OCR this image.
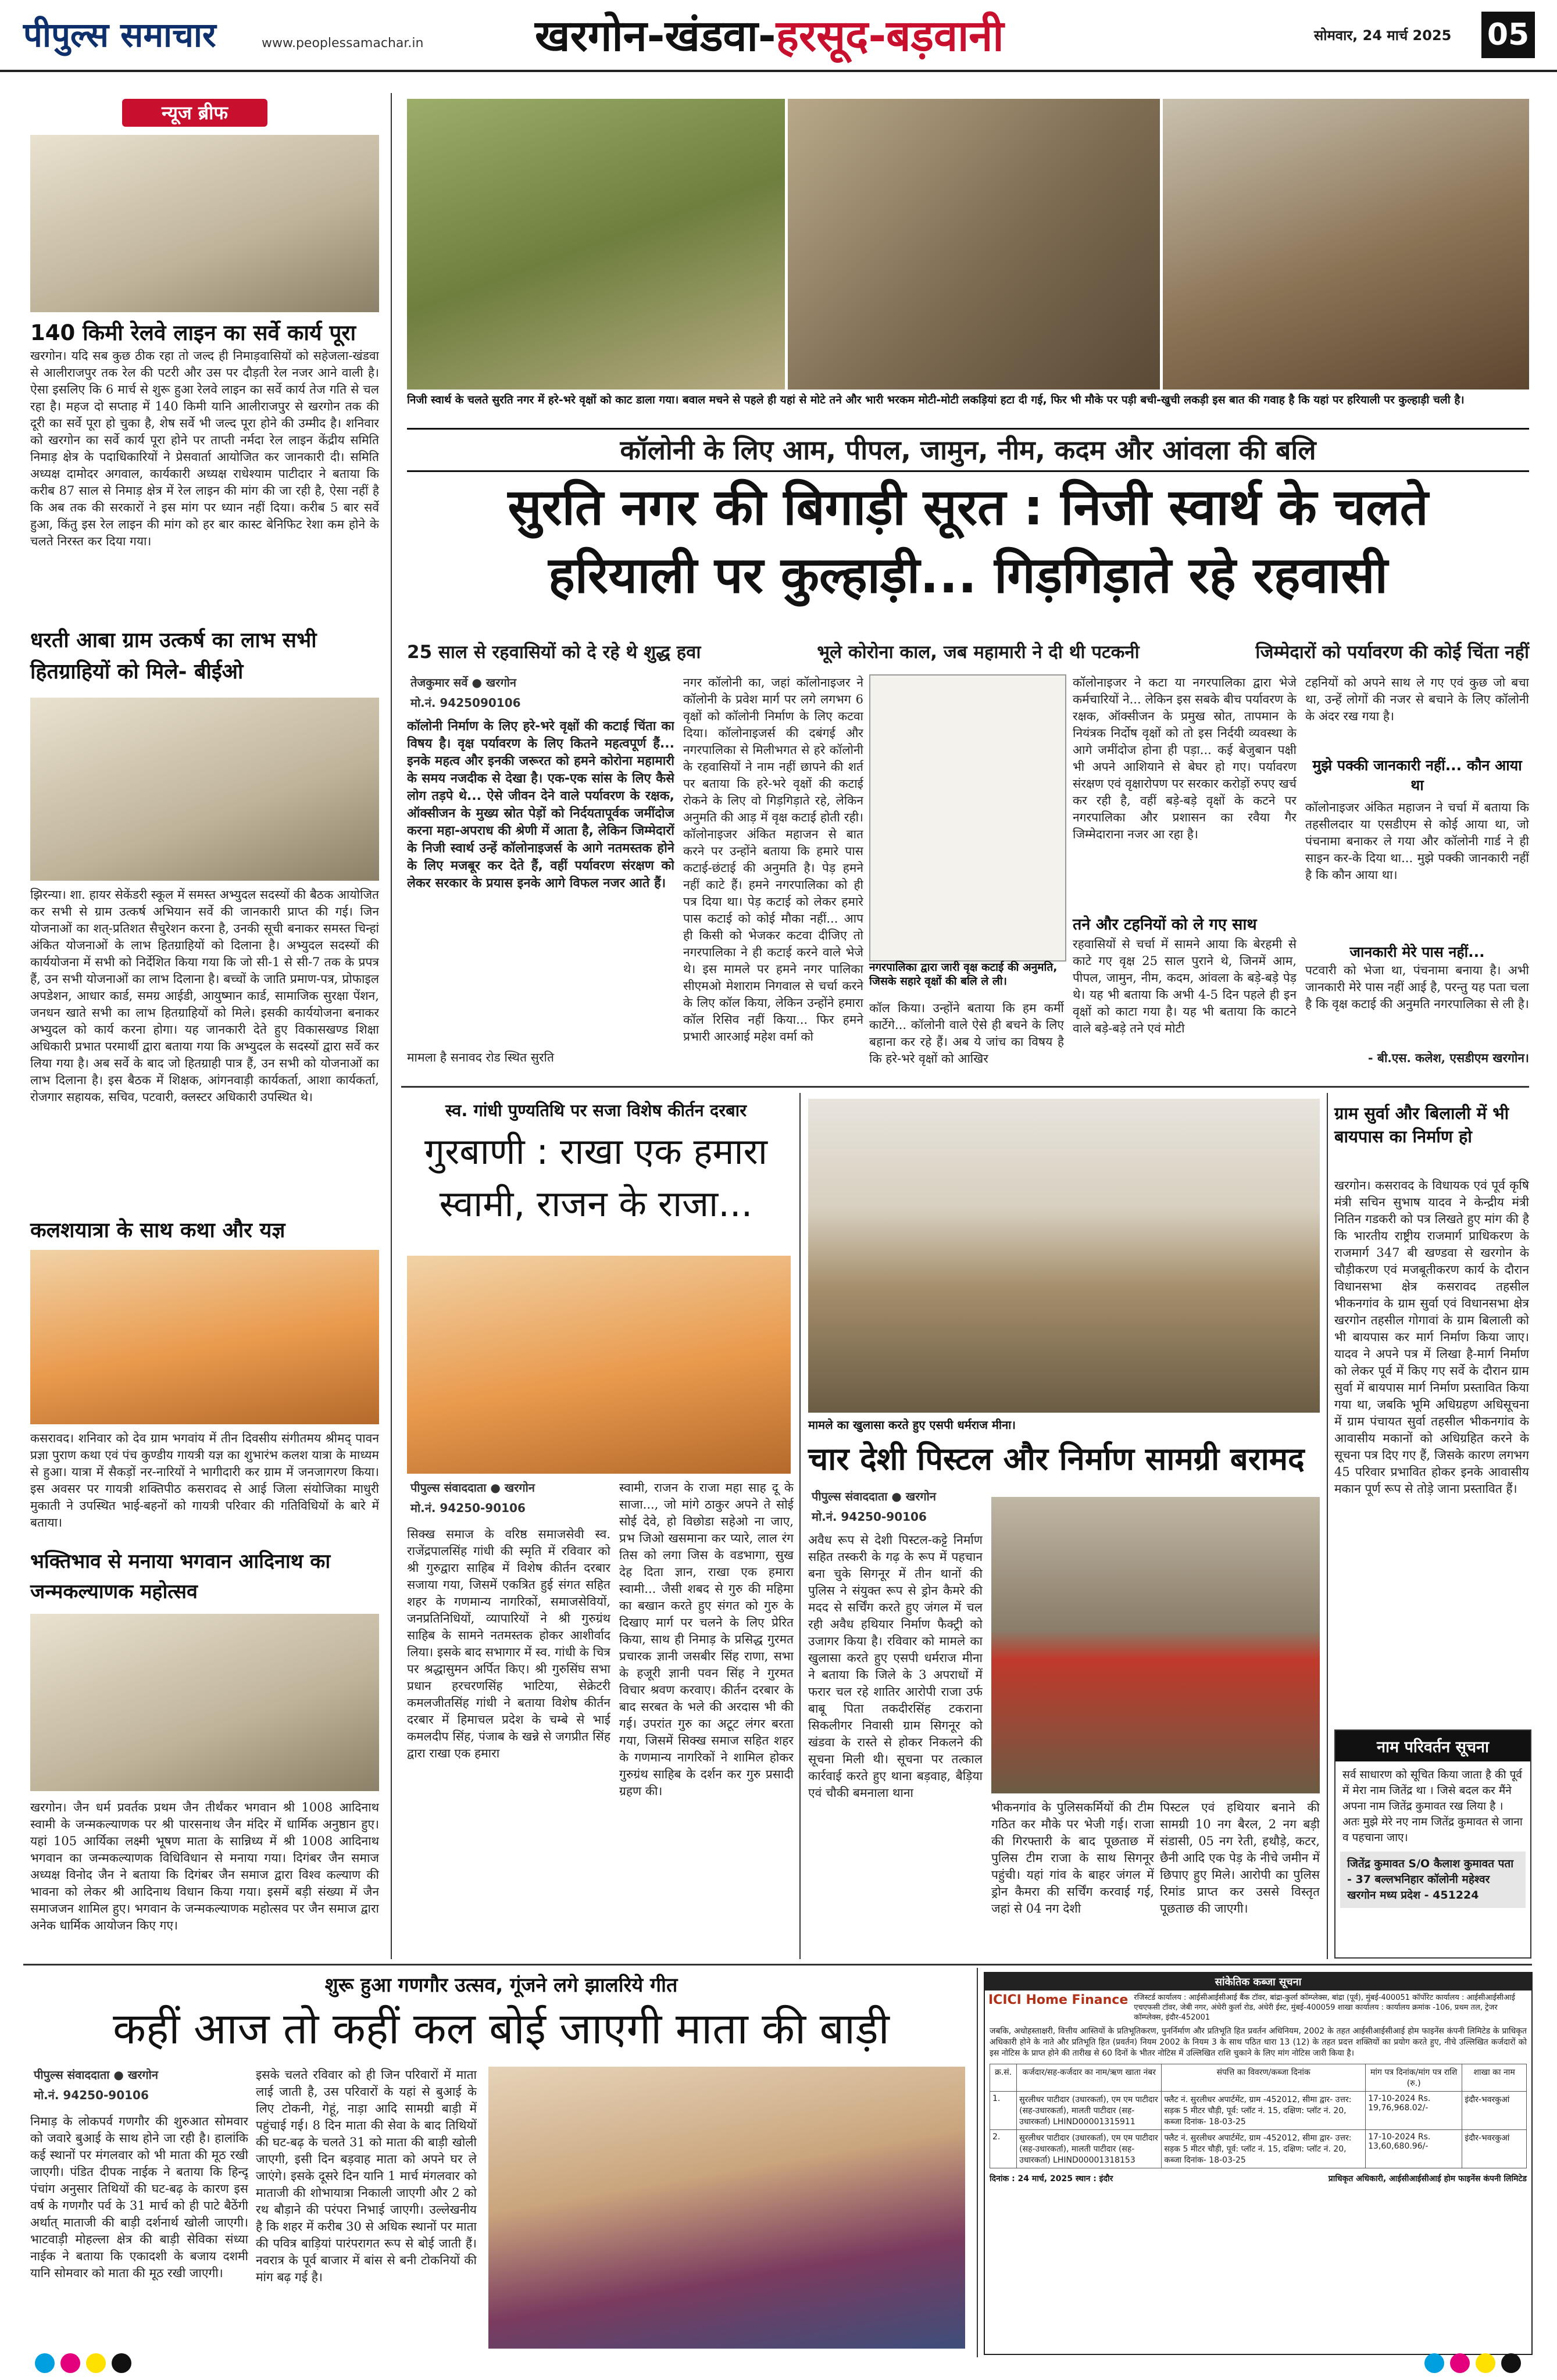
पीपुल्स समाचार	www.peoplessamachar.in	खरगोन-खंडवा-हरसूद-बड़वानी	सोमवार, 24 मार्च 2025 05
न्यूज ब्रीफ
140 किमी रेलवे लाइन का सर्वे कार्य पूरा
खरगोन। यदि सब कुछ ठीक रहा तो जल्द ही निमाड़वासियों को सहेजला-खंडवा से आलीराजपुर तक रेल की पटरी और उस पर दौड़ती रेल नजर आने वाली है। ऐसा इसलिए कि 6 मार्च से शुरू हुआ रेलवे लाइन का सर्वे कार्य तेज गति से चल रहा है। महज दो सप्ताह में 140 किमी यानि आलीराजपुर से खरगोन तक की दूरी का सर्वे पूरा हो चुका है, शेष सर्वे भी जल्द पूरा होने की उम्मीद है। शनिवार को खरगोन का सर्वे कार्य पूरा होने पर ताप्ती नर्मदा रेल लाइन केंद्रीय समिति निमाड़ क्षेत्र के पदाधिकारियों ने प्रेसवार्ता आयोजित कर जानकारी दी। समिति अध्यक्ष दामोदर अगवाल, कार्यकारी अध्यक्ष राधेश्याम पाटीदार ने बताया कि करीब 87 साल से निमाड़ क्षेत्र में रेल लाइन की मांग की जा रही है, ऐसा नहीं है कि अब तक की सरकारों ने इस मांग पर ध्यान नहीं दिया। करीब 5 बार सर्वे हुआ, किंतु इस रेल लाइन की मांग को हर बार कास्ट बेनिफिट रेशा कम होने के चलते निरस्त कर दिया गया।
धरती आबा ग्राम उत्कर्ष का लाभ सभी हितग्राहियों को मिले- बीईओ
झिरन्या। शा. हायर सेकेंडरी स्कूल में समस्त अभ्युदल सदस्यों की बैठक आयोजित कर सभी से ग्राम उत्कर्ष अभियान सर्वे की जानकारी प्राप्त की गई। जिन योजनाओं का शत्-प्रतिशत सैचुरेशन करना है, उनकी सूची बनाकर समस्त चिन्हां अंकित योजनाओं के लाभ हितग्राहियों को दिलाना है। अभ्युदल सदस्यों की कार्ययोजना में सभी को निर्देशित किया गया कि जो सी-1 से सी-7 तक के प्रपत्र हैं, उन सभी योजनाओं का लाभ दिलाना है। बच्चों के जाति प्रमाण-पत्र, प्रोफाइल अपडेशन, आधार कार्ड, समग्र आईडी, आयुष्मान कार्ड, सामाजिक सुरक्षा पेंशन, जनधन खाते सभी का लाभ हितग्राहियों को मिले। इसकी कार्ययोजना बनाकर अभ्युदल को कार्य करना होगा। यह जानकारी देते हुए विकासखण्ड शिक्षा अधिकारी प्रभात परमार्थी द्वारा बताया गया कि अभ्युदल के सदस्यों द्वारा सर्वे कर लिया गया है। अब सर्वे के बाद जो हितग्राही पात्र हैं, उन सभी को योजनाओं का लाभ दिलाना है। इस बैठक में शिक्षक, आंगनवाड़ी कार्यकर्ता, आशा कार्यकर्ता, रोजगार सहायक, सचिव, पटवारी, क्लस्टर अधिकारी उपस्थित थे।
कलशयात्रा के साथ कथा और यज्ञ
कसरावद। शनिवार को देव ग्राम भगवांय में तीन दिवसीय संगीतमय श्रीमद् पावन प्रज्ञा पुराण कथा एवं पंच कुण्डीय गायत्री यज्ञ का शुभारंभ कलश यात्रा के माध्यम से हुआ। यात्रा में सैकड़ों नर-नारियों ने भागीदारी कर ग्राम में जनजागरण किया। इस अवसर पर गायत्री शक्तिपीठ कसरावद से आई जिला संयोजिका माधुरी मुकाती ने उपस्थित भाई-बहनों को गायत्री परिवार की गतिविधियों के बारे में बताया।
भक्तिभाव से मनाया भगवान आदिनाथ का जन्मकल्याणक महोत्सव
खरगोन। जैन धर्म प्रवर्तक प्रथम जैन तीर्थंकर भगवान श्री 1008 आदिनाथ स्वामी के जन्मकल्याणक पर श्री पारसनाथ जैन मंदिर में धार्मिक अनुष्ठान हुए। यहां 105 आर्यिका लक्ष्मी भूषण माता के सान्निध्य में श्री 1008 आदिनाथ भगवान का जन्मकल्याणक विधिविधान से मनाया गया। दिगंबर जैन समाज अध्यक्ष विनोद जैन ने बताया कि दिगंबर जैन समाज द्वारा विश्व कल्याण की भावना को लेकर श्री आदिनाथ विधान किया गया। इसमें बड़ी संख्या में जैन समाजजन शामिल हुए। भगवान के जन्मकल्याणक महोत्सव पर जैन समाज द्वारा अनेक धार्मिक आयोजन किए गए।
निजी स्वार्थ के चलते सुरति नगर में हरे-भरे वृक्षों को काट डाला गया। बवाल मचने से पहले ही यहां से मोटे तने और भारी भरकम मोटी-मोटी लकड़ियां हटा दी गई, फिर भी मौके पर पड़ी बची-खुची लकड़ी इस बात की गवाह है कि यहां पर हरियाली पर कुल्हाड़ी चली है।
कॉलोनी के लिए आम, पीपल, जामुन, नीम, कदम और आंवला की बलि
सुरति नगर की बिगाड़ी सूरत : निजी स्वार्थ के चलते
हरियाली पर कुल्हाड़ी... गिड़गिड़ाते रहे रहवासी
25 साल से रहवासियों को दे रहे थे शुद्ध हवा	भूले कोरोना काल, जब महामारी ने दी थी पटकनी	जिम्मेदारों को पर्यावरण की कोई चिंता नहीं
तेजकुमार सर्वे ● खरगोन
मो.नं. 9425090106
कॉलोनी निर्माण के लिए हरे-भरे वृक्षों की कटाई चिंता का विषय है। वृक्ष पर्यावरण के लिए कितने महत्वपूर्ण हैं... इनके महत्व और इनकी जरूरत को हमने कोरोना महामारी के समय नजदीक से देखा है। एक-एक सांस के लिए कैसे लोग तड़पे थे... ऐसे जीवन देने वाले पर्यावरण के रक्षक, ऑक्सीजन के मुख्य स्रोत पेड़ों को निर्दयतापूर्वक जमींदोज करना महा-अपराध की श्रेणी में आता है, लेकिन जिम्मेदारों के निजी स्वार्थ उन्हें कॉलोनाइजर्स के आगे नतमस्तक होने के लिए मजबूर कर देते हैं, वहीं पर्यावरण संरक्षण को लेकर सरकार के प्रयास इनके आगे विफल नजर आते हैं।
मामला है सनावद रोड स्थित सुरति
नगर कॉलोनी का, जहां कॉलोनाइजर ने कॉलोनी के प्रवेश मार्ग पर लगे लगभग 6 वृक्षों को कॉलोनी निर्माण के लिए कटवा दिया। कॉलोनाइजर्स की दबंगई और नगरपालिका से मिलीभगत से हरे कॉलोनी के रहवासियों ने नाम नहीं छापने की शर्त पर बताया कि हरे-भरे वृक्षों की कटाई रोकने के लिए वो गिड़गिड़ाते रहे, लेकिन अनुमति की आड़ में वृक्ष कटाई होती रही। कॉलोनाइजर अंकित महाजन से बात करने पर उन्होंने बताया कि हमारे पास कटाई-छंटाई की अनुमति है। पेड़ हमने नहीं काटे हैं। हमने नगरपालिका को ही पत्र दिया था। पेड़ कटाई को लेकर हमारे पास कटाई को कोई मौका नहीं... आप ही किसी को भेजकर कटवा दीजिए तो नगरपालिका ने ही कटाई करने वाले भेजे थे। इस मामले पर हमने नगर पालिका सीएमओ मेशाराम निगवाल से चर्चा करने के लिए कॉल किया, लेकिन उन्होंने हमारा कॉल रिसिव नहीं किया... फिर हमने प्रभारी आरआई महेश वर्मा को
नगरपालिका द्वारा जारी वृक्ष कटाई की अनुमति, जिसके सहारे वृक्षों की बलि ले ली।
कॉल किया। उन्होंने बताया कि हम कर्मी कार्टेगे... कॉलोनी वाले ऐसे ही बचने के लिए बहाना कर रहे हैं। अब ये जांच का विषय है कि हरे-भरे वृक्षों को आखिर
कॉलोनाइजर ने कटा या नगरपालिका द्वारा भेजे कर्मचारियों ने... लेकिन इस सबके बीच पर्यावरण के रक्षक, ऑक्सीजन के प्रमुख स्रोत, तापमान के नियंत्रक निर्दोष वृक्षों को तो इस निर्दयी व्यवस्था के आगे जमींदोज होना ही पड़ा... कई बेजुबान पक्षी भी अपने आशियाने से बेघर हो गए। पर्यावरण संरक्षण एवं वृक्षारोपण पर सरकार करोड़ों रुपए खर्च कर रही है, वहीं बड़े-बड़े वृक्षों के कटने पर नगरपालिका और प्रशासन का रवैया गैर जिम्मेदाराना नजर आ रहा है।
तने और टहनियों को ले गए साथ
रहवासियों से चर्चा में सामने आया कि बेरहमी से काटे गए वृक्ष 25 साल पुराने थे, जिनमें आम, पीपल, जामुन, नीम, कदम, आंवला के बड़े-बड़े पेड़ थे। यह भी बताया कि अभी 4-5 दिन पहले ही इन वृक्षों को काटा गया है। यह भी बताया कि काटने वाले बड़े-बड़े तने एवं मोटी
टहनियों को अपने साथ ले गए एवं कुछ जो बचा था, उन्हें लोगों की नजर से बचाने के लिए कॉलोनी के अंदर रख गया है।
मुझे पक्की जानकारी नहीं... कौन आया था
कॉलोनाइजर अंकित महाजन ने चर्चा में बताया कि तहसीलदार या एसडीएम से कोई आया था, जो पंचनामा बनाकर ले गया और कॉलोनी गार्ड ने ही साइन कर-के दिया था... मुझे पक्की जानकारी नहीं है कि कौन आया था।
जानकारी मेरे पास नहीं...
पटवारी को भेजा था, पंचनामा बनाया है। अभी जानकारी मेरे पास नहीं आई है, परन्तु यह पता चला है कि वृक्ष कटाई की अनुमति नगरपालिका से ली है।
- बी.एस. कलेश, एसडीएम खरगोन।
स्व. गांधी पुण्यतिथि पर सजा विशेष कीर्तन दरबार
गुरबाणी : राखा एक हमारा
स्वामी, राजन के राजा...
पीपुल्स संवाददाता ● खरगोन
मो.नं. 94250-90106
सिक्ख समाज के वरिष्ठ समाजसेवी स्व. राजेंद्रपालसिंह गांधी की स्मृति में रविवार को श्री गुरुद्वारा साहिब में विशेष कीर्तन दरबार सजाया गया, जिसमें एकत्रित हुई संगत सहित शहर के गणमान्य नागरिकों, समाजसेवियों, जनप्रतिनिधियों, व्यापारियों ने श्री गुरुग्रंथ साहिब के सामने नतमस्तक होकर आशीर्वाद लिया। इसके बाद सभागार में स्व. गांधी के चित्र पर श्रद्धासुमन अर्पित किए। श्री गुरुसिंघ सभा प्रधान हरचरणसिंह भाटिया, सेक्रेटरी कमलजीतसिंह गांधी ने बताया विशेष कीर्तन दरबार में हिमाचल प्रदेश के चम्बे से भाई कमलदीप सिंह, पंजाब के खन्ने से जगप्रीत सिंह द्वारा राखा एक हमारा
स्वामी, राजन के राजा महा साह दू के साजा..., जो मांगे ठाकुर अपने ते सोई सोई देवे, हो विछोडा सहेओ ना जाए, प्रभ जिओ खसमाना कर प्यारे, लाल रंग तिस को लगा जिस के वडभागा, सुख देह दिता ज्ञान, राखा एक हमारा स्वामी... जैसी शबद से गुरु की महिमा का बखान करते हुए संगत को गुरु के दिखाए मार्ग पर चलने के लिए प्रेरित किया, साथ ही निमाड़ के प्रसिद्ध गुरमत प्रचारक ज्ञानी जसबीर सिंह राणा, सभा के हजूरी ज्ञानी पवन सिंह ने गुरमत विचार श्रवण करवाए। कीर्तन दरबार के बाद सरबत के भले की अरदास भी की गई। उपरांत गुरु का अटूट लंगर बरता गया, जिसमें सिक्ख समाज सहित शहर के गणमान्य नागरिकों ने शामिल होकर गुरुग्रंथ साहिब के दर्शन कर गुरु प्रसादी ग्रहण की।
मामले का खुलासा करते हुए एसपी धर्मराज मीना।
चार देशी पिस्टल और निर्माण सामग्री बरामद
पीपुल्स संवाददाता ● खरगोन
मो.नं. 94250-90106
अवैध रूप से देशी पिस्टल-कट्टे निर्माण सहित तस्करी के गढ़ के रूप में पहचान बना चुके सिगनूर में तीन थानों की पुलिस ने संयुक्त रूप से ड्रोन कैमरे की मदद से सर्चिंग करते हुए जंगल में चल रही अवैध हथियार निर्माण फैक्ट्री को उजागर किया है। रविवार को मामले का खुलासा करते हुए एसपी धर्मराज मीना ने बताया कि जिले के 3 अपराधों में फरार चल रहे शातिर आरोपी राजा उर्फ बाबू पिता तकदीरसिंह टकराना सिकलीगर निवासी ग्राम सिगनूर को खंडवा के रास्ते से होकर निकलने की सूचना मिली थी। सूचना पर तत्काल कार्रवाई करते हुए थाना बड़वाह, बैड़िया एवं चौकी बमनाला थाना
भीकनगांव के पुलिसकर्मियों की टीम गठित कर मौके पर भेजी गई। राजा की गिरफ्तारी के बाद पूछताछ में पुलिस टीम राजा के साथ सिगनूर पहुंची। यहां गांव के बाहर जंगल में ड्रोन कैमरा की सर्चिंग करवाई गई, जहां से 04 नग देशी
पिस्टल एवं हथियार बनाने की सामग्री 10 नग बैरल, 2 नग बड़ी संडासी, 05 नग रेती, हथौड़े, कटर, छैनी आदि एक पेड़ के नीचे जमीन में छिपाए हुए मिले। आरोपी का पुलिस रिमांड प्राप्त कर उससे विस्तृत पूछताछ की जाएगी।
ग्राम सुर्वा और बिलाली में भी बायपास का निर्माण हो
खरगोन। कसरावद के विधायक एवं पूर्व कृषि मंत्री सचिन सुभाष यादव ने केन्द्रीय मंत्री नितिन गडकरी को पत्र लिखते हुए मांग की है कि भारतीय राष्ट्रीय राजमार्ग प्राधिकरण के राजमार्ग 347 बी खण्डवा से खरगोन के चौड़ीकरण एवं मजबूतीकरण कार्य के दौरान विधानसभा क्षेत्र कसरावद तहसील भीकनगांव के ग्राम सुर्वा एवं विधानसभा क्षेत्र खरगोन तहसील गोगावां के ग्राम बिलाली को भी बायपास कर मार्ग निर्माण किया जाए। यादव ने अपने पत्र में लिखा है-मार्ग निर्माण को लेकर पूर्व में किए गए सर्वे के दौरान ग्राम सुर्वा में बायपास मार्ग निर्माण प्रस्तावित किया गया था, जबकि भूमि अधिग्रहण अधिसूचना में ग्राम पंचायत सुर्वा तहसील भीकनगांव के आवासीय मकानों को अधिग्रहित करने के सूचना पत्र दिए गए हैं, जिसके कारण लगभग 45 परिवार प्रभावित होकर इनके आवासीय मकान पूर्ण रूप से तोड़े जाना प्रस्तावित हैं।
नाम परिवर्तन सूचना
सर्व साधारण को सूचित किया जाता है की पूर्व में मेरा नाम जितेंद्र था । जिसे बदल कर मैंने अपना नाम जितेंद्र कुमावत रख लिया है । अतः मुझे मेरे नए नाम जितेंद्र कुमावत से जाना व पहचाना जाए।
जितेंद्र कुमावत S/O कैलाश कुमावत पता - 37 बल्लभनिहार कॉलोनी महेश्वर खरगोन मध्य प्रदेश - 451224
शुरू हुआ गणगौर उत्सव, गूंजने लगे झालरिये गीत
कहीं आज तो कहीं कल बोई जाएगी माता की बाड़ी
पीपुल्स संवाददाता ● खरगोन
मो.नं. 94250-90106
निमाड़ के लोकपर्व गणगौर की शुरुआत सोमवार को जवारे बुआई के साथ होने जा रही है। हालांकि कई स्थानों पर मंगलवार को भी माता की मूठ रखी जाएगी। पंडित दीपक नाईक ने बताया कि हिन्दू पंचांग अनुसार तिथियों की घट-बढ़ के कारण इस वर्ष के गणगौर पर्व के 31 मार्च को ही पाटे बैठेंगी अर्थात् माताजी की बाड़ी दर्शनार्थ खोली जाएगी। भाटवाड़ी मोहल्ला क्षेत्र की बाड़ी सेविका संध्या नाईक ने बताया कि एकादशी के बजाय दशमी यानि सोमवार को माता की मूठ रखी जाएगी।
इसके चलते रविवार को ही जिन परिवारों में माता लाई जाती है, उस परिवारों के यहां से बुआई के लिए टोकनी, गेहूं, नाड़ा आदि सामग्री बाड़ी में पहुंचाई गई। 8 दिन माता की सेवा के बाद तिथियों की घट-बढ़ के चलते 31 को माता की बाड़ी खोली जाएगी, इसी दिन बड़वाह माता को अपने घर ले जाएंगे। इसके दूसरे दिन यानि 1 मार्च मंगलवार को माताजी की शोभायात्रा निकाली जाएगी और 2 को रथ बौड़ाने की परंपरा निभाई जाएगी। उल्लेखनीय है कि शहर में करीब 30 से अधिक स्थानों पर माता की पवित्र बाड़ियां पारंपरागत रूप से बोई जाती हैं। नवरात्र के पूर्व बाजार में बांस से बनी टोकनियों की मांग बढ़ गई है।
सांकेतिक कब्जा सूचना
ICICI Home Finance रजिस्टर्ड कार्यालय : आईसीआईसीआई बैंक टॉवर, बांद्रा-कुर्ला कॉम्प्लेक्स, बांद्रा (पूर्व), मुंबई-400051 कॉर्पोरेट कार्यालय : आईसीआईसीआई एचएफसी टॉवर, जेबी नगर, अंधेरी कुर्ला रोड, अंधेरी ईस्ट, मुंबई-400059 शाखा कार्यालय : कार्यालय क्रमांक -106, प्रथम तल, ट्रेजर कॉम्प्लेक्स, इंदौर-452001
जबकि, अधोहस्ताक्षरी, वित्तीय आस्तियों के प्रतिभूतिकरण, पुनर्निर्माण और प्रतिभूति हित प्रवर्तन अधिनियम, 2002 के तहत आईसीआईसीआई होम फाइनेंस कंपनी लिमिटेड के प्राधिकृत अधिकारी होने के नाते और प्रतिभूति हित (प्रवर्तन) नियम 2002 के नियम 3 के साथ पठित धारा 13 (12) के तहत प्रदत्त शक्तियों का प्रयोग करते हुए, नीचे उल्लिखित कर्जदारों को इस नोटिस के प्राप्त होने की तारीख से 60 दिनों के भीतर नोटिस में उल्लिखित राशि चुकाने के लिए मांग नोटिस जारी किया है।
क्र.सं.	कर्जदार/सह-कर्जदार का नाम/ऋण खाता नंबर	संपत्ति का विवरण/कब्जा दिनांक	मांग पत्र दिनांक/मांग पत्र राशि (रु.)	शाखा का नाम
1.	सुरलीधर पाटीदार (उधारकर्ता), एम एम पाटीदार (सह-उधारकर्ता), मालती पाटीदार (सह-उधारकर्ता) LHIND00001315911	फ्लैट नं. सुरलीधर अपार्टमेंट, ग्राम -452012, सीमा द्वार- उत्तर: सड़क 5 मीटर चौड़ी, पूर्व: प्लॉट नं. 15, दक्षिण: प्लॉट नं. 20, कब्जा दिनांक- 18-03-25	17-10-2024 Rs. 19,76,968.02/-	इंदौर-भवरकुआं
2.	सुरलीधर पाटीदार (उधारकर्ता), एम एम पाटीदार (सह-उधारकर्ता), मालती पाटीदार (सह-उधारकर्ता) LHIND00001318153	फ्लैट नं. सुरलीधर अपार्टमेंट, ग्राम -452012, सीमा द्वार- उत्तर: सड़क 5 मीटर चौड़ी, पूर्व: प्लॉट नं. 15, दक्षिण: प्लॉट नं. 20, कब्जा दिनांक- 18-03-25	17-10-2024 Rs. 13,60,680.96/-	इंदौर-भवरकुआं
दिनांक : 24 मार्च, 2025 स्थान : इंदौर	प्राधिकृत अधिकारी, आईसीआईसीआई होम फाइनेंस कंपनी लिमिटेड
